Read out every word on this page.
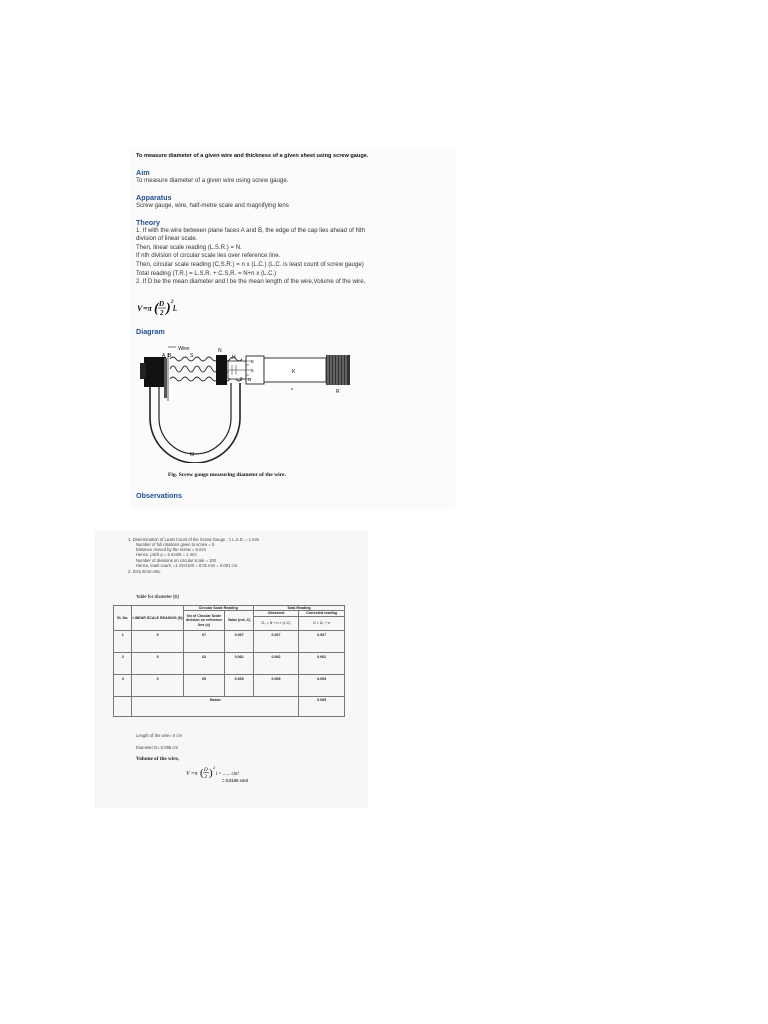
To measure diameter of a given wire and thickness of a given sheet using screw gauge.
Aim
To measure diameter of a given wire using screw gauge.
Apparatus
Screw gauge, wire, half-metre scale and magnifying lens
Theory
1. If with the wire between plane faces A and B, the edge of the cap lies ahead of Nth
division of linear scale.
Then, linear scale reading (L.S.R.) = N.
If nth division of circular scale lies over reference line.
Then, circular scale reading (C.S.R.) = n x (L.C.) (L.C. is least count of screw gauge)
Total reading (T.R.) = L.S.R. + C.S.R. = N+n x (L.C.)
2. If D be the mean diameter and l be the mean length of the wire,Volume of the wire,
V =π ( D
2 ) 2
l.
Diagram
Wire
A B	S
N
H
E
5
0 D
K
R
M
Fig. Screw gauge measuring diameter of the wire.
Observations
1. Determination of Least Count of the Screw Gauge : 1 L.S.D. = 1 mm
Number of full rotations given to screw = 5
Distance moved by the screw = 5 mm
Hence, pitch p = 5 mm/5 = 1 mm
Number of divisions on circular scale = 100
Hence, least count, =1 mm/100 = 0.01 mm = 0.001 cm.
2. Zero Error=NIL
Table for diameter (D)
Sl. No.	LINEAR SCALE READING (N)	Circular Scale Reading		Total Reading	
		No of Circular Scale division on reference line (n)	Value (nxL.C)	Observed	Corrected reading
				D₀ = N + n × (L.C)	D = D₀ + e
1	0	67	0.067	0.067	0.067
2	0	62	0.062	0.062	0.062
3	0	65	0.065	0.065	0.065
	Mean=				0.065
Length of the wire= 5 cm
Diameter D= 0.065 cm
Volume of the wire,
V =π ( D
2 ) 2
l = ...... cm³
= 0.0165 cm3
